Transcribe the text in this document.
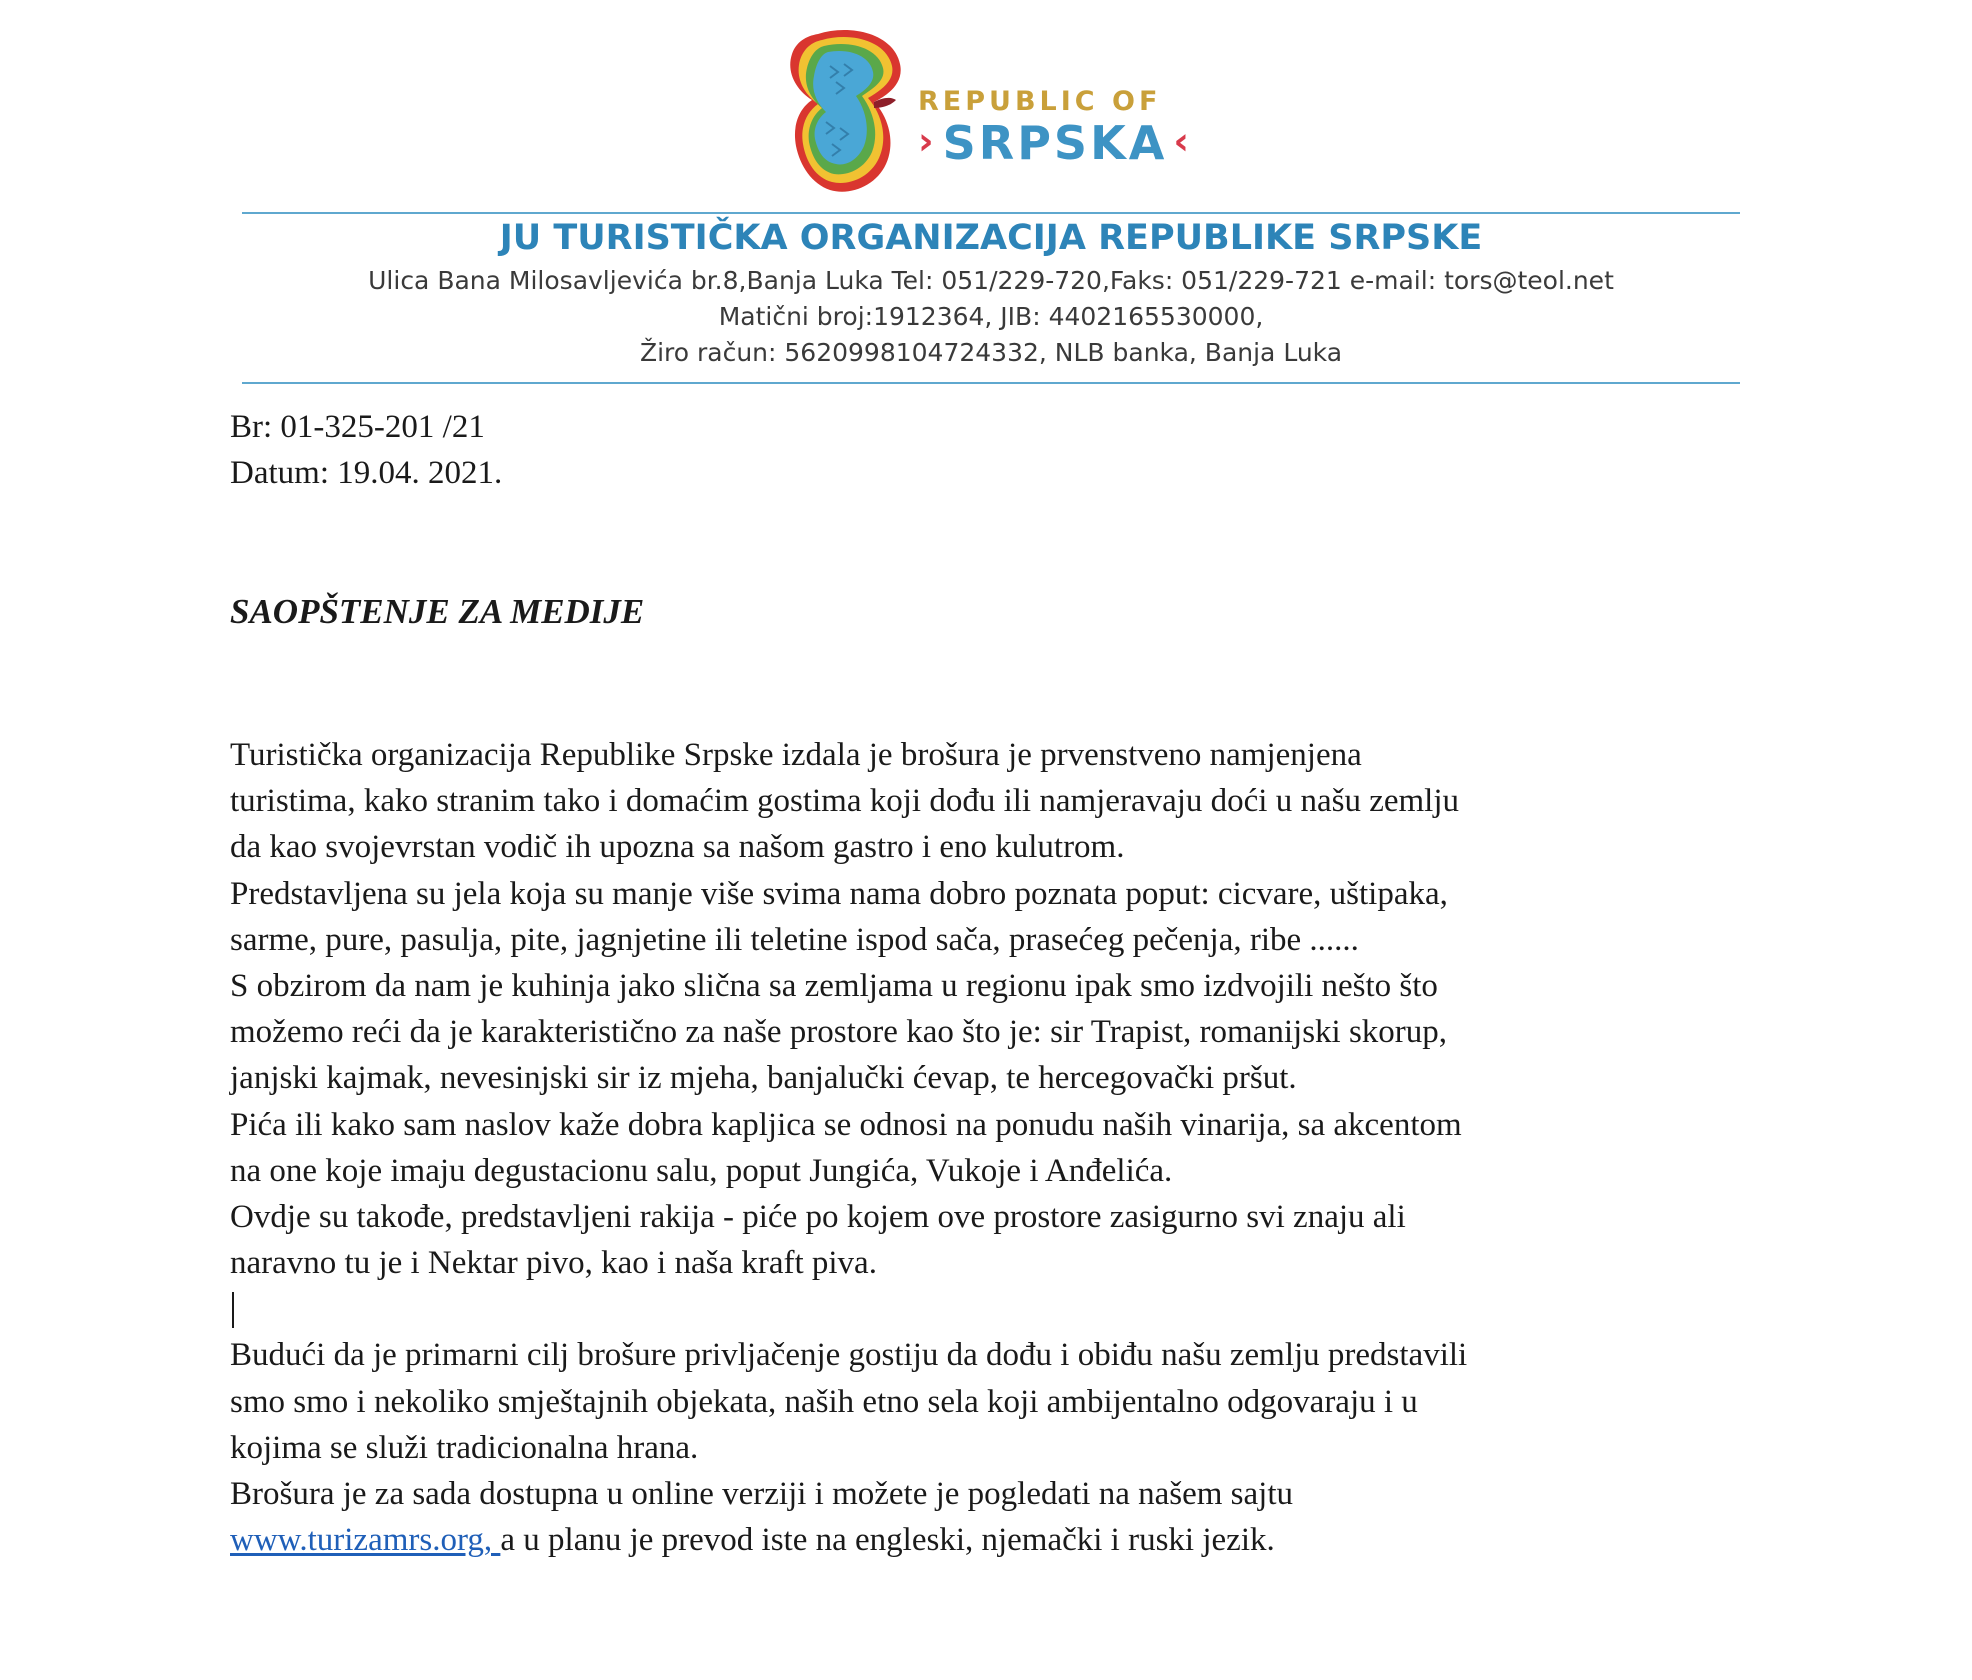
REPUBLIC OF
› SRPSKA ‹
JU TURISTIČKA ORGANIZACIJA REPUBLIKE SRPSKE
Ulica Bana Milosavljevića br.8,Banja Luka Tel: 051/229-720,Faks: 051/229-721 e-mail: tors@teol.net
Matični broj:1912364, JIB: 4402165530000,
Žiro račun: 5620998104724332, NLB banka, Banja Luka
Br: 01-325-201 /21
Datum: 19.04. 2021.
SAOPŠTENJE ZA MEDIJE
Turistička organizacija Republike Srpske izdala je brošura je prvenstveno namjenjena
turistima, kako stranim tako i domaćim gostima koji dođu ili namjeravaju doći u našu zemlju
da kao svojevrstan vodič ih upozna sa našom gastro i eno kulutrom.
Predstavljena su jela koja su manje više svima nama dobro poznata poput: cicvare, uštipaka,
sarme, pure, pasulja, pite, jagnjetine ili teletine ispod sača, prasećeg pečenja, ribe ......
S obzirom da nam je kuhinja jako slična sa zemljama u regionu ipak smo izdvojili nešto što
možemo reći da je karakteristično za naše prostore kao što je: sir Trapist, romanijski skorup,
janjski kajmak, nevesinjski sir iz mjeha, banjalučki ćevap, te hercegovački pršut.
Pića ili kako sam naslov kaže dobra kapljica se odnosi na ponudu naših vinarija, sa akcentom
na one koje imaju degustacionu salu, poput Jungića, Vukoje i Anđelića.
Ovdje su takođe, predstavljeni rakija - piće po kojem ove prostore zasigurno svi znaju ali
naravno tu je i Nektar pivo, kao i naša kraft piva.
Budući da je primarni cilj brošure privljačenje gostiju da dođu i obiđu našu zemlju predstavili
smo smo i nekoliko smještajnih objekata, naših etno sela koji ambijentalno odgovaraju i u
kojima se služi tradicionalna hrana.
Brošura je za sada dostupna u online verziji i možete je pogledati na našem sajtu
www.turizamrs.org, a u planu je prevod iste na engleski, njemački i ruski jezik.
